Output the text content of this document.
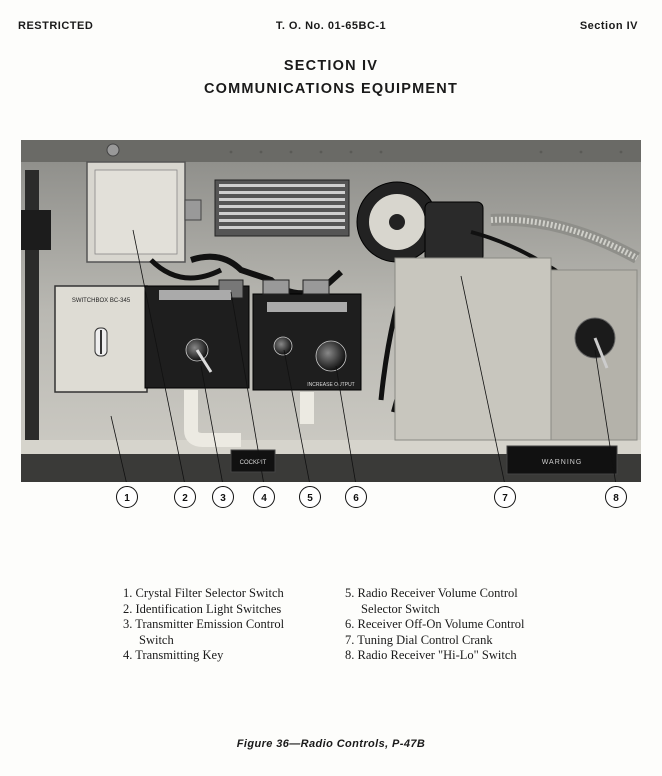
RESTRICTED	T. O. No. 01-65BC-1	Section IV
SECTION IV
COMMUNICATIONS EQUIPMENT
SWITCHBOX BC-345
INCREASE OUTPUT
WARNING
COCKPIT
1	2	3	4	5	6	7	8
1. Crystal Filter Selector Switch
2. Identification Light Switches
3. Transmitter Emission Control
Switch
4. Transmitting Key
5. Radio Receiver Volume Control
Selector Switch
6. Receiver Off-On Volume Control
7. Tuning Dial Control Crank
8. Radio Receiver "Hi-Lo" Switch
Figure 36—Radio Controls, P-47B
